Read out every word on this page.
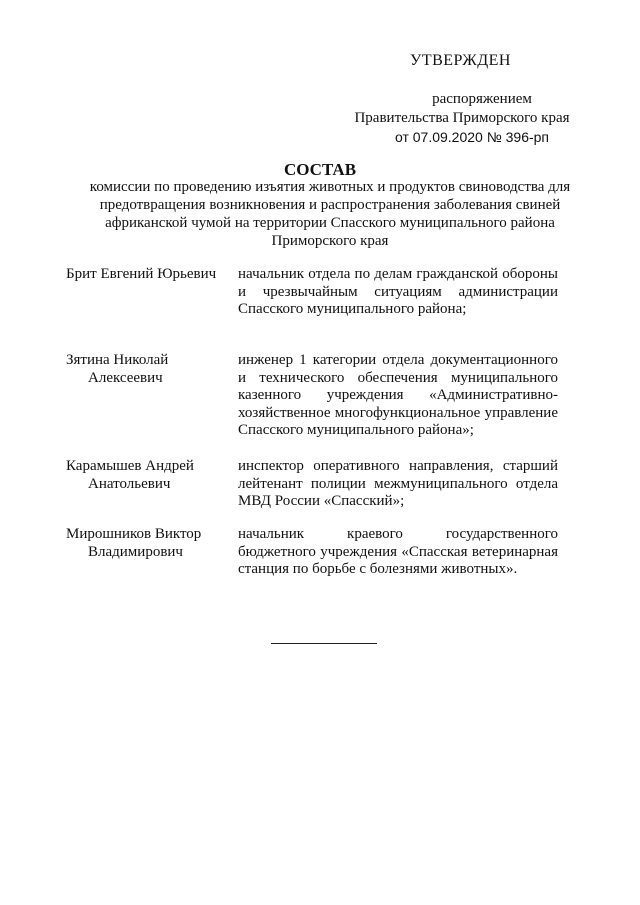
УТВЕРЖДЕН
распоряжением
Правительства Приморского края
от 07.09.2020 № 396-рп
СОСТАВ
комиссии по проведению изъятия животных и продуктов свиноводства для предотвращения возникновения и распространения заболевания свиней африканской чумой на территории Спасского муниципального района Приморского края
Брит Евгений Юрьевич	начальник отдела по делам гражданской обороны и чрезвычайным ситуациям администрации Спасского муниципального района;
Зятина Николай
Алексеевич
инженер 1 категории отдела документационного и технического обеспечения муниципального казенного учреждения «Административно-хозяйственное многофункциональное управление Спасского муниципального района»;
Карамышев Андрей
Анатольевич
инспектор оперативного направления, старший лейтенант полиции межмуниципального отдела МВД России «Спасский»;
Мирошников Виктор
Владимирович
начальник краевого государственного бюджетного учреждения «Спасская ветеринарная станция по борьбе с болезнями животных».
